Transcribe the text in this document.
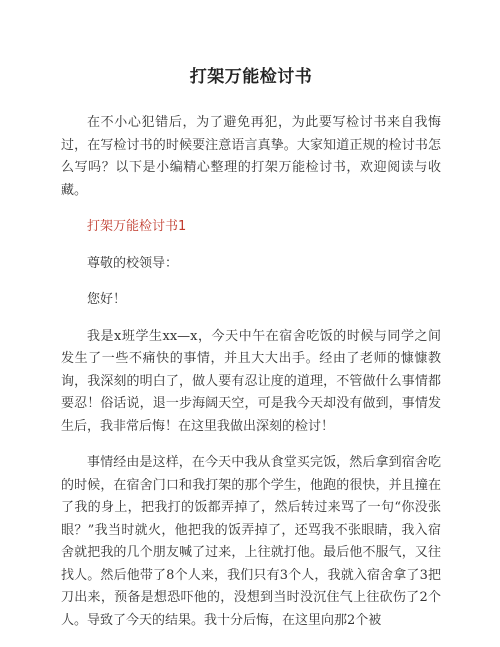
打架万能检讨书

在不小心犯错后，为了避免再犯，为此要写检讨书来自我悔过，在写检讨书的时候要注意语言真挚。大家知道正规的检讨书怎么写吗？以下是小编精心整理的打架万能检讨书，欢迎阅读与收藏。

打架万能检讨书1

尊敬的校领导：

您好！

我是x班学生xx—x，今天中午在宿舍吃饭的时候与同学之间发生了一些不痛快的事情，并且大大出手。经由了老师的慷慷教询，我深刻的明白了，做人要有忍让度的道理，不管做什么事情都要忍！俗话说，退一步海阔天空，可是我今天却没有做到，事情发生后，我非常后悔！在这里我做出深刻的检讨！

事情经由是这样，在今天中我从食堂买完饭，然后拿到宿舍吃的时候，在宿舍门口和我打架的那个学生，他跑的很快，并且撞在了我的身上，把我打的饭都弄掉了，然后转过来骂了一句“你没张眼？”我当时就火，他把我的饭弄掉了，还骂我不张眼睛，我入宿舍就把我的几个朋友喊了过来，上往就打他。最后他不服气，又往找人。然后他带了8个人来，我们只有3个人，我就入宿舍拿了3把刀出来，预备是想恐吓他的，没想到当时没沉住气上往砍伤了2个人。导致了今天的结果。我十分后悔，在这里向那2个被
